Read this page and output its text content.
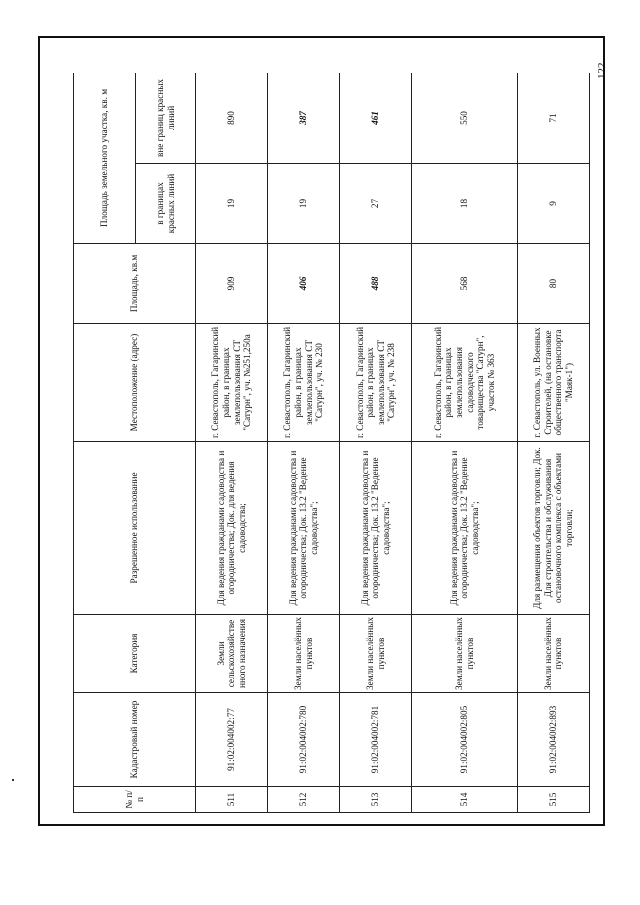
122
№ п/п	Кадастровый номер	Категория	Разрешенное использование	Местоположение (адрес)	Площадь, кв.м	Площадь земельного участка, кв. м	
						в границах красных линий	вне границ красных линий
511	91:02:004002:77	Земли сельскохозяйстве нного назначения	Для ведения гражданами садоводства и огородничества; Док. для ведения садоводства;	г. Севастополь, Гагаринский район, в границах землепользования СТ "Сатурн", уч. №251,250а	909	19	890
512	91:02:004002:780	Земли населённых пунктов	Для ведения гражданами садоводства и огородничества; Док. 13.2 "Ведение садоводства";	г. Севастополь, Гагаринский район, в границах землепользования СТ "Сатурн", уч. № 230	406	19	387
513	91:02:004002:781	Земли населённых пунктов	Для ведения гражданами садоводства и огородничества; Док. 13.2 "Ведение садоводства";	г. Севастополь, Гагаринский район, в границах землепользования СТ "Сатурн", уч. № 238	488	27	461
514	91:02:004002:805	Земли населённых пунктов	Для ведения гражданами садоводства и огородничества; Док. 13.2 "Ведение садоводства";	г. Севастополь, Гагаринский район, в границах землепользования садоводческого товарищества "Сатурн", участок № 363	568	18	550
515	91:02:004002:893	Земли населённых пунктов	Для размещения объектов торговли; Док. Для строительства и обслуживания остановочного комплекса с объектами торговли;	г. Севастополь, ул. Военных Строителей, (на остановке общественного транспорта "Маяк-1")	80	9	71
